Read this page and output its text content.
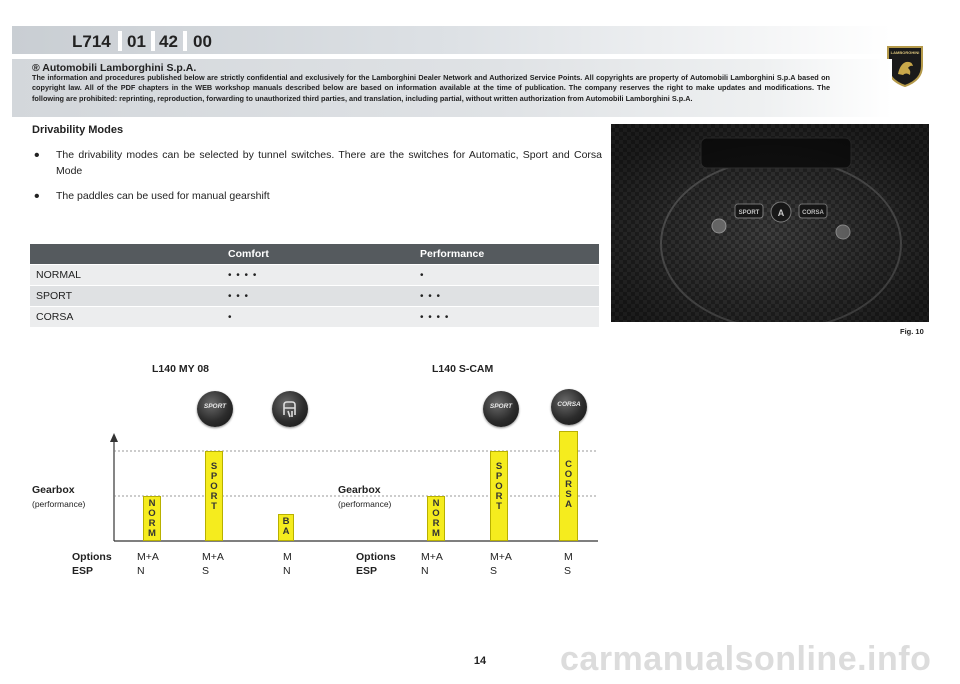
L714 01 42 00
LAMBORGHINI
® Automobili Lamborghini S.p.A.
The information and procedures published below are strictly confidential and exclusively for the Lamborghini Dealer Network and Authorized Service Points. All copyrights are property of Automobili Lamborghini S.p.A based on copyright law. All of the PDF chapters in the WEB workshop manuals described below are based on information available at the time of publication. The company reserves the right to make updates and modifications. The following are prohibited: reprinting, reproduction, forwarding to unauthorized third parties, and translation, including partial, without written authorization from Automobili Lamborghini S.p.A.
Drivability Modes
• The drivability modes can be selected by tunnel switches. There are the switches for Automatic, Sport and Corsa Mode
• The paddles can be used for manual gearshift
	Comfort	Performance
NORMAL	• • • •	•
SPORT	• • •	• • •
CORSA	•	• • • •
Fig. 10
L140 MY 08	L140 S-CAM
SPORT	SPORT	CORSA
N
O
R
M
S
P
O
R
T
B
A
N
O
R
M
S
P
O
R
T
C
O
R
S
A
Gearbox
(performance)
Gearbox
(performance)
Options
ESP
M+A
N
M+A
S
M
N
Options
ESP
M+A
N
M+A
S
M
S
carmanualsonline.info
14
